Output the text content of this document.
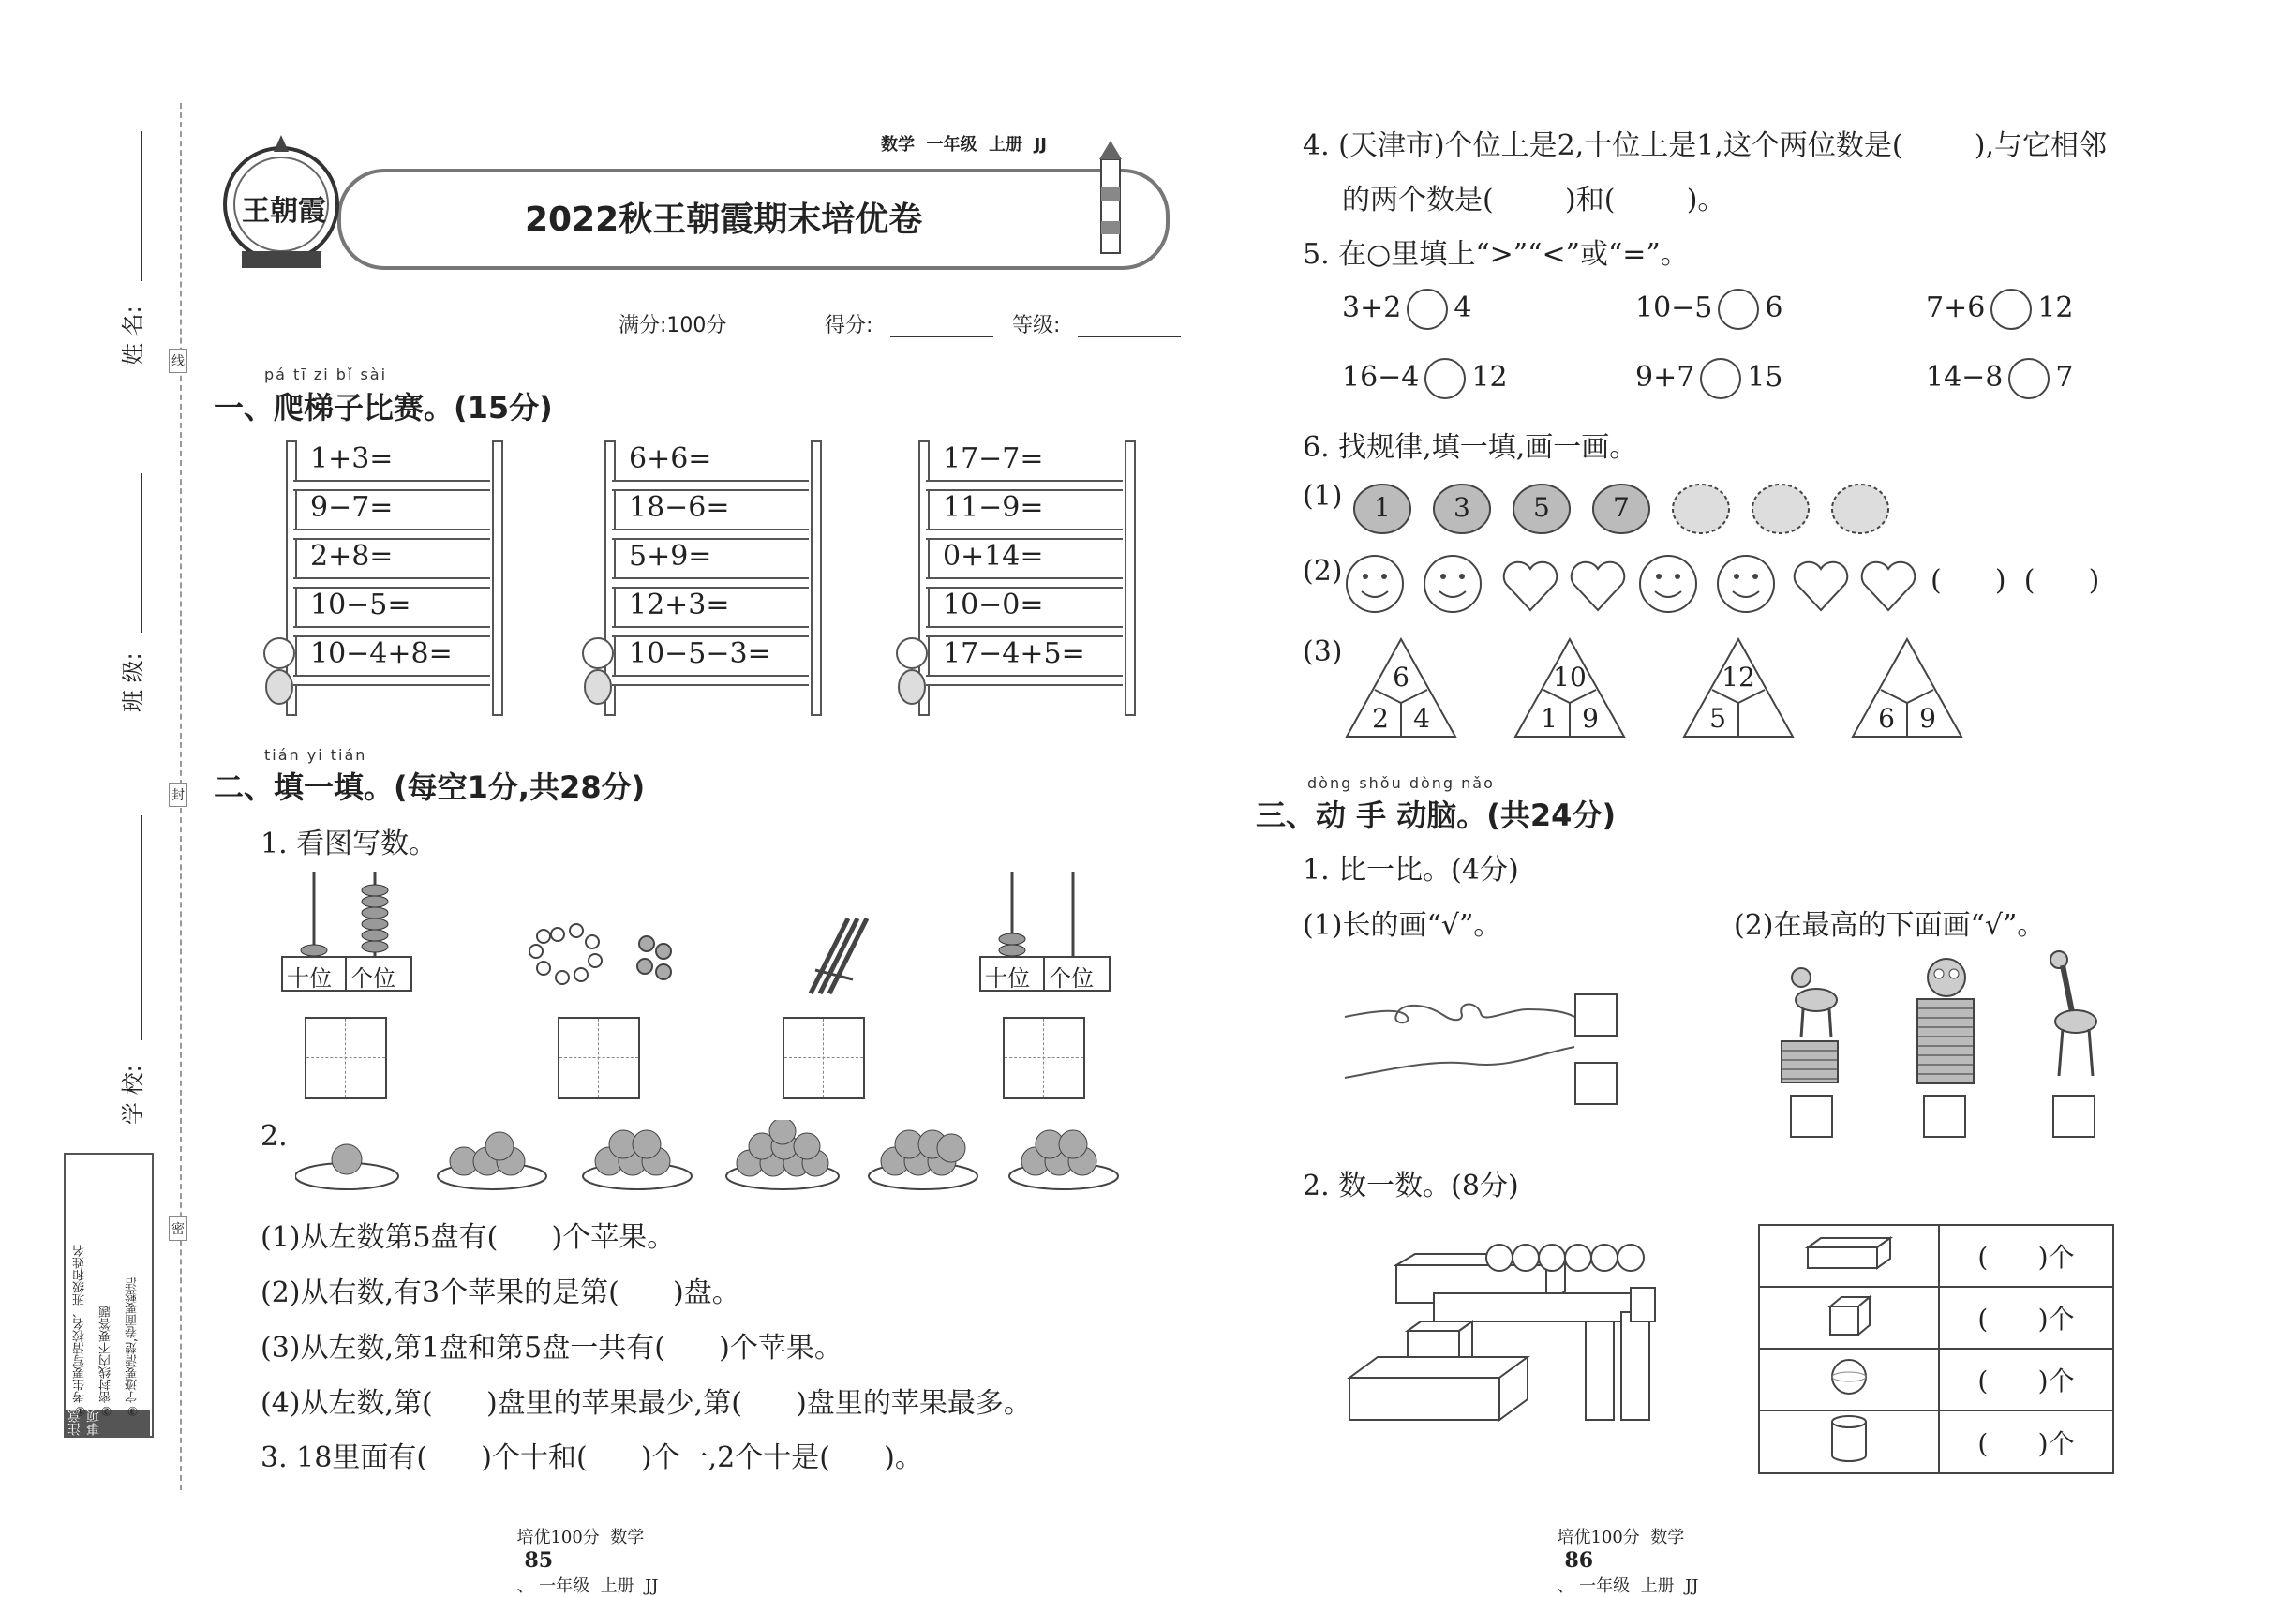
姓 名:
班 级:
学 校:
线
封
密
注意事项
①考生要写清校名、班级和姓名 ②密封线内不要答题 ③字迹要清楚,卷面要整洁
王朝霞
数学  一年级  上册  JJ
2022秋王朝霞期末培优卷
满分:100分	得分:	等级:
pá tī zi bǐ sài
一、爬梯子比赛。(15分)
1+3=
9−7=
2+8=
10−5=
10−4+8=
6+6=
18−6=
5+9=
12+3=
10−5−3=
17−7=
11−9=
0+14=
10−0=
17−4+5=
tián yi tián
二、填一填。(每空1分,共28分)
1. 看图写数。
十位 个位	十位 个位
2.
(1)从左数第5盘有(      )个苹果。
(2)从右数,有3个苹果的是第(      )盘。
(3)从左数,第1盘和第5盘一共有(      )个苹果。
(4)从左数,第(      )盘里的苹果最少,第(      )盘里的苹果最多。
3. 18里面有(      )个十和(      )个一,2个十是(      )。
4. (天津市)个位上是2,十位上是1,这个两位数是(        ),与它相邻
的两个数是(        )和(        )。
5. 在○里填上“>”“<”或“=”。
3+2 4	10−5 6	7+6 12
16−4 12	9+7 15	14−8 7
6. 找规律,填一填,画一画。
(1) 1 3 5 7
(2)	(      )  (      )
(3)
6
2 4
10
1 9
12
5	6 9
dòng shǒu dòng nǎo
三、动 手 动脑。(共24分)
1. 比一比。(4分)
(1)长的画“√”。	(2)在最高的下面画“√”。
2. 数一数。(8分)
	(      )个
	(      )个
	(      )个
	(      )个

培优100分  数学
85
、 一年级  上册  JJ

培优100分  数学
86
、 一年级  上册  JJ
